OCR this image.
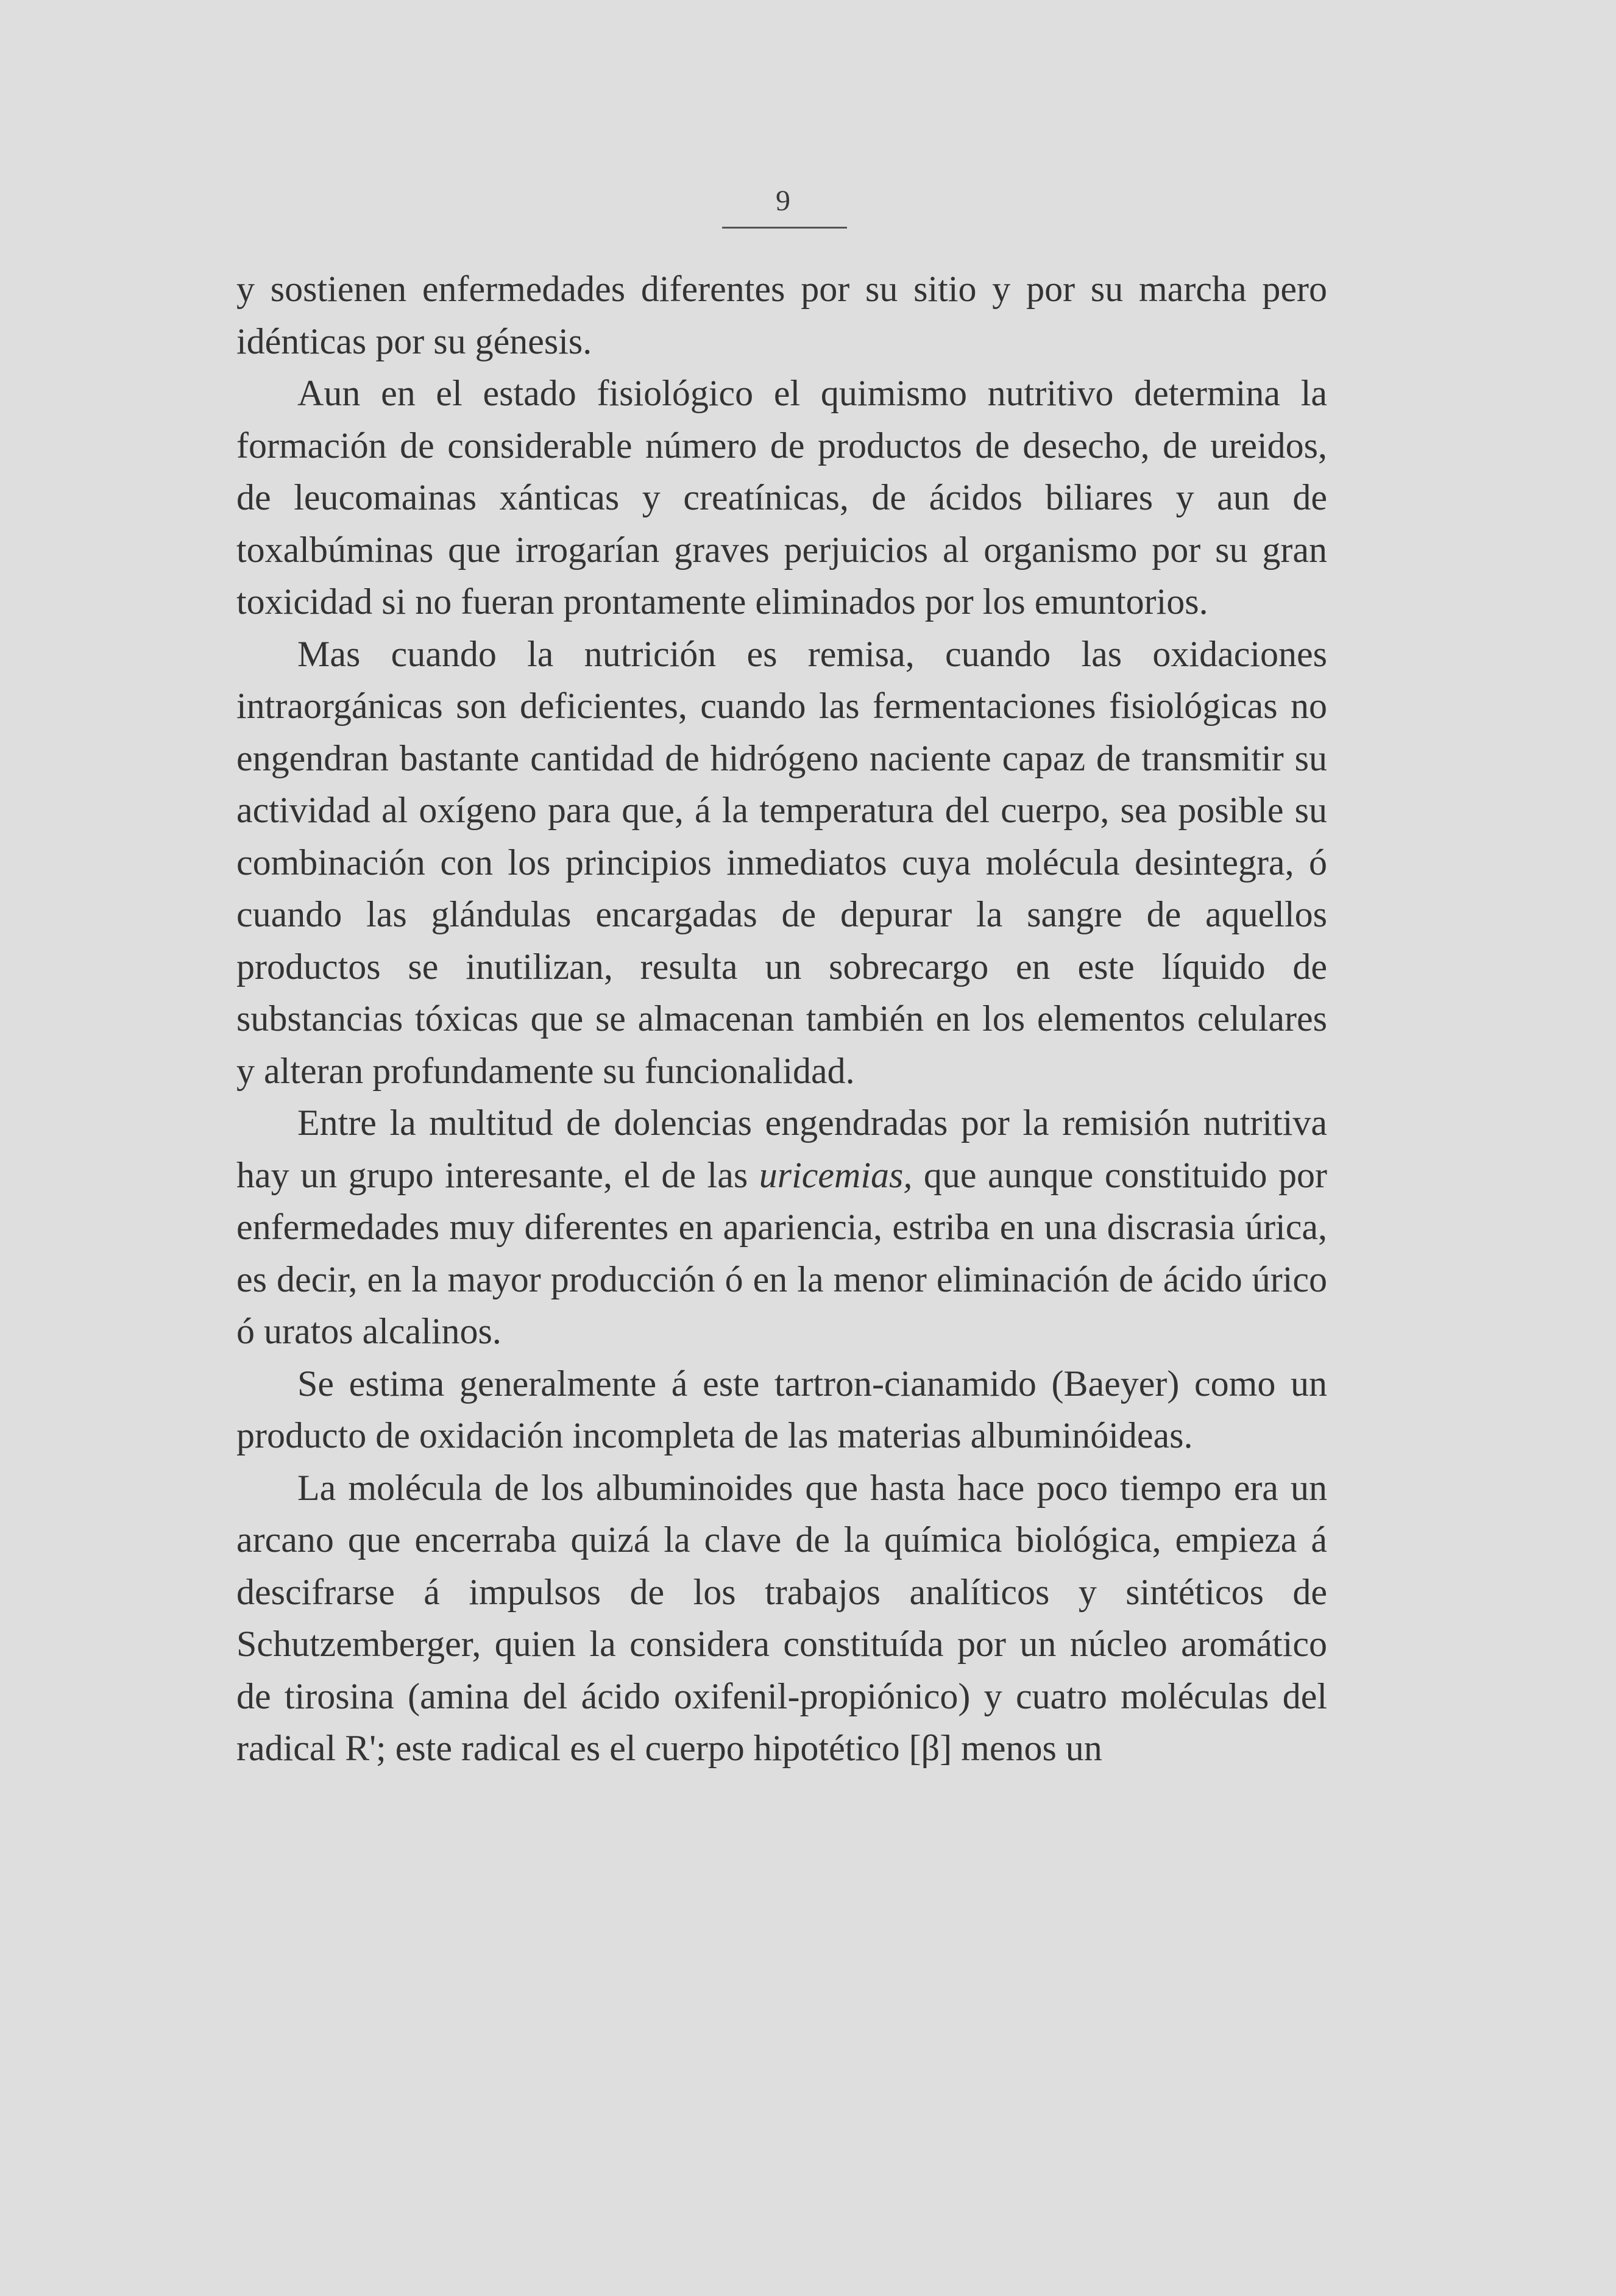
9

y sostienen enfermedades diferentes por su sitio y por su marcha pero idénticas por su génesis.

Aun en el estado fisiológico el quimismo nutritivo determina la formación de considerable número de productos de desecho, de ureidos, de leucomainas xánticas y creatínicas, de ácidos biliares y aun de toxalbúminas que irrogarían graves perjuicios al organismo por su gran toxicidad si no fueran prontamente eliminados por los emuntorios.

Mas cuando la nutrición es remisa, cuando las oxidaciones intraorgánicas son deficientes, cuando las fermentaciones fisiológicas no engendran bastante cantidad de hidrógeno naciente capaz de transmitir su actividad al oxígeno para que, á la temperatura del cuerpo, sea posible su combinación con los principios inmediatos cuya molécula desintegra, ó cuando las glándulas encargadas de depurar la sangre de aquellos productos se inutilizan, resulta un sobrecargo en este líquido de substancias tóxicas que se almacenan también en los elementos celulares y alteran profundamente su funcionalidad.

Entre la multitud de dolencias engendradas por la remisión nutritiva hay un grupo interesante, el de las uricemias, que aunque constituido por enfermedades muy diferentes en apariencia, estriba en una discrasia úrica, es decir, en la mayor producción ó en la menor eliminación de ácido úrico ó uratos alcalinos.

Se estima generalmente á este tartron-cianamido (Baeyer) como un producto de oxidación incompleta de las materias albuminóideas.

La molécula de los albuminoides que hasta hace poco tiempo era un arcano que encerraba quizá la clave de la química biológica, empieza á descifrarse á impulsos de los trabajos analíticos y sintéticos de Schutzemberger, quien la considera constituída por un núcleo aromático de tirosina (amina del ácido oxifenil-propiónico) y cuatro moléculas del radical R'; este radical es el cuerpo hipotético [β] menos un
